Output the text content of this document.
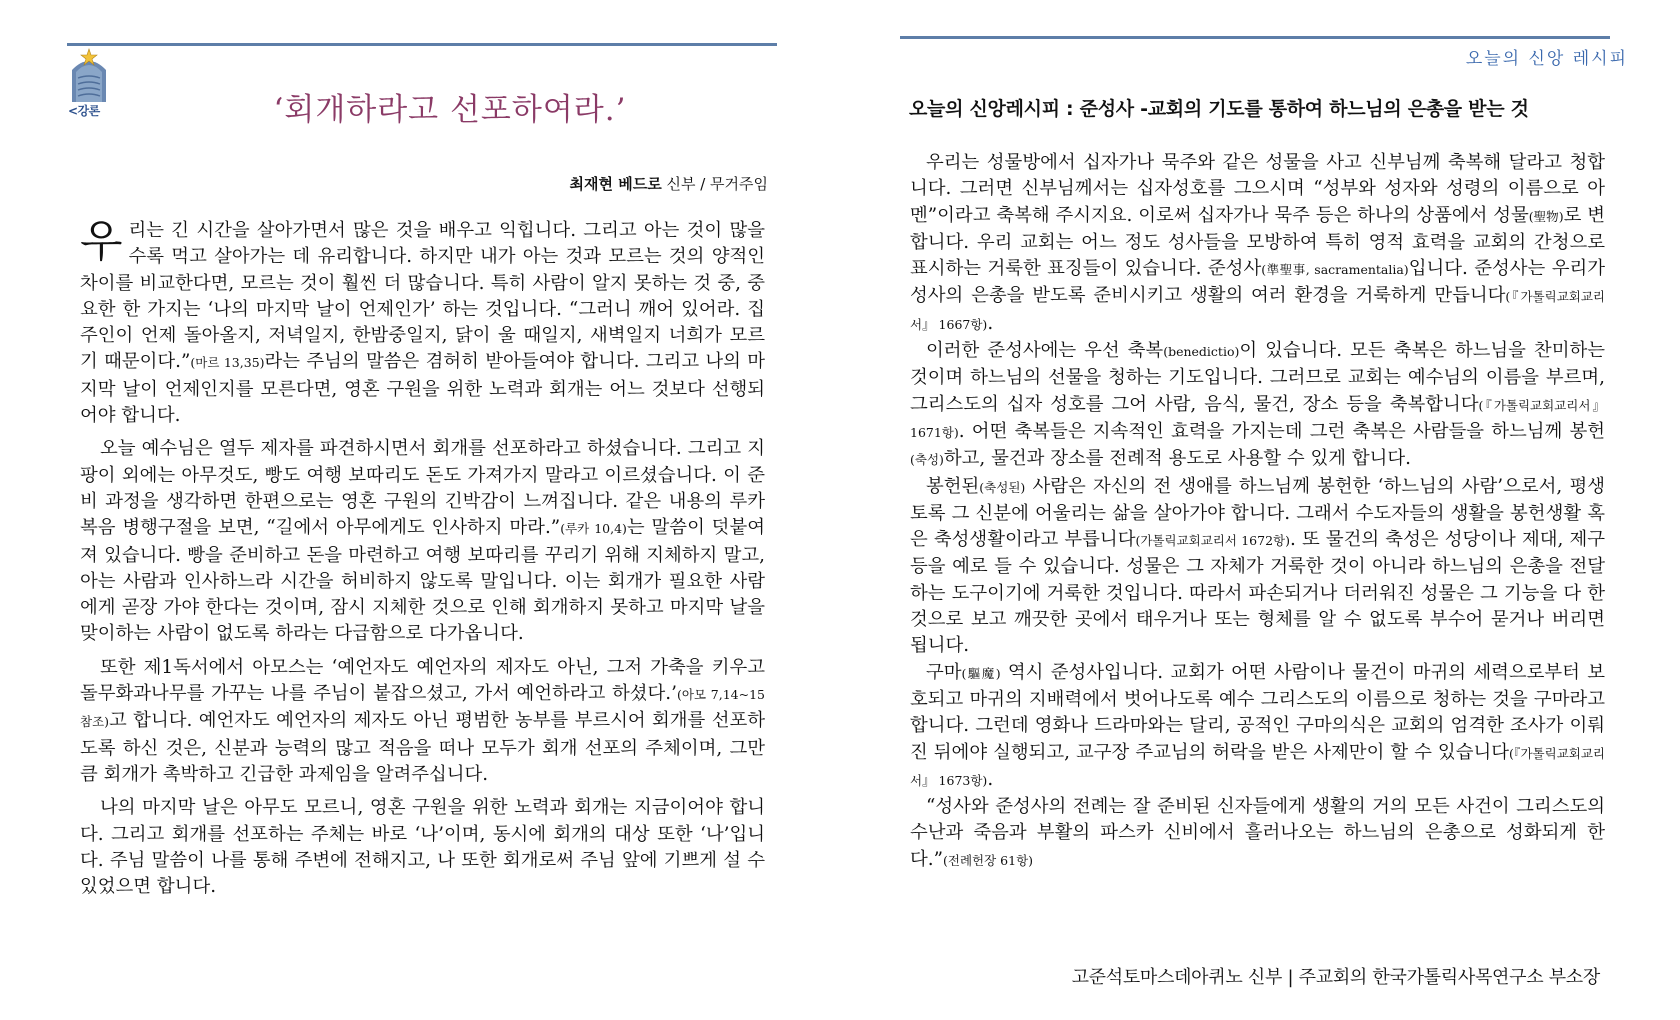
<강론	‘회개하라고 선포하여라.’
최재현 베드로 신부 / 무거주임

우리는 긴 시간을 살아가면서 많은 것을 배우고 익힙니다. 그리고 아는 것이 많을수록 먹고 살아가는 데 유리합니다. 하지만 내가 아는 것과 모르는 것의 양적인 차이를 비교한다면, 모르는 것이 훨씬 더 많습니다. 특히 사람이 알지 못하는 것 중, 중요한 한 가지는 ‘나의 마지막 날이 언제인가’ 하는 것입니다. “그러니 깨어 있어라. 집주인이 언제 돌아올지, 저녁일지, 한밤중일지, 닭이 울 때일지, 새벽일지 너희가 모르기 때문이다.”(마르 13,35)라는 주님의 말씀은 겸허히 받아들여야 합니다. 그리고 나의 마지막 날이 언제인지를 모른다면, 영혼 구원을 위한 노력과 회개는 어느 것보다 선행되어야 합니다.

오늘 예수님은 열두 제자를 파견하시면서 회개를 선포하라고 하셨습니다. 그리고 지팡이 외에는 아무것도, 빵도 여행 보따리도 돈도 가져가지 말라고 이르셨습니다. 이 준비 과정을 생각하면 한편으로는 영혼 구원의 긴박감이 느껴집니다. 같은 내용의 루카 복음 병행구절을 보면, “길에서 아무에게도 인사하지 마라.”(루카 10,4)는 말씀이 덧붙여져 있습니다. 빵을 준비하고 돈을 마련하고 여행 보따리를 꾸리기 위해 지체하지 말고, 아는 사람과 인사하느라 시간을 허비하지 않도록 말입니다. 이는 회개가 필요한 사람에게 곧장 가야 한다는 것이며, 잠시 지체한 것으로 인해 회개하지 못하고 마지막 날을 맞이하는 사람이 없도록 하라는 다급함으로 다가옵니다.

또한 제1독서에서 아모스는 ‘예언자도 예언자의 제자도 아닌, 그저 가축을 키우고 돌무화과나무를 가꾸는 나를 주님이 붙잡으셨고, 가서 예언하라고 하셨다.’(아모 7,14~15 참조)고 합니다. 예언자도 예언자의 제자도 아닌 평범한 농부를 부르시어 회개를 선포하도록 하신 것은, 신분과 능력의 많고 적음을 떠나 모두가 회개 선포의 주체이며, 그만큼 회개가 촉박하고 긴급한 과제임을 알려주십니다.

나의 마지막 날은 아무도 모르니, 영혼 구원을 위한 노력과 회개는 지금이어야 합니다. 그리고 회개를 선포하는 주체는 바로 ‘나’이며, 동시에 회개의 대상 또한 ‘나’입니다. 주님 말씀이 나를 통해 주변에 전해지고, 나 또한 회개로써 주님 앞에 기쁘게 설 수 있었으면 합니다.

오늘의 신앙 레시피
오늘의 신앙레시피 : 준성사 -교회의 기도를 통하여 하느님의 은총을 받는 것

우리는 성물방에서 십자가나 묵주와 같은 성물을 사고 신부님께 축복해 달라고 청합니다. 그러면 신부님께서는 십자성호를 그으시며 “성부와 성자와 성령의 이름으로 아멘”이라고 축복해 주시지요. 이로써 십자가나 묵주 등은 하나의 상품에서 성물(聖物)로 변합니다. 우리 교회는 어느 정도 성사들을 모방하여 특히 영적 효력을 교회의 간청으로 표시하는 거룩한 표징들이 있습니다. 준성사(準聖事, sacramentalia)입니다. 준성사는 우리가 성사의 은총을 받도록 준비시키고 생활의 여러 환경을 거룩하게 만듭니다(『가톨릭교회교리서』 1667항).

이러한 준성사에는 우선 축복(benedictio)이 있습니다. 모든 축복은 하느님을 찬미하는 것이며 하느님의 선물을 청하는 기도입니다. 그러므로 교회는 예수님의 이름을 부르며, 그리스도의 십자 성호를 그어 사람, 음식, 물건, 장소 등을 축복합니다(『가톨릭교회교리서』 1671항). 어떤 축복들은 지속적인 효력을 가지는데 그런 축복은 사람들을 하느님께 봉헌(축성)하고, 물건과 장소를 전례적 용도로 사용할 수 있게 합니다.

봉헌된(축성된) 사람은 자신의 전 생애를 하느님께 봉헌한 ‘하느님의 사람’으로서, 평생토록 그 신분에 어울리는 삶을 살아가야 합니다. 그래서 수도자들의 생활을 봉헌생활 혹은 축성생활이라고 부릅니다(가톨릭교회교리서 1672항). 또 물건의 축성은 성당이나 제대, 제구 등을 예로 들 수 있습니다. 성물은 그 자체가 거룩한 것이 아니라 하느님의 은총을 전달하는 도구이기에 거룩한 것입니다. 따라서 파손되거나 더러워진 성물은 그 기능을 다 한 것으로 보고 깨끗한 곳에서 태우거나 또는 형체를 알 수 없도록 부수어 묻거나 버리면 됩니다.

구마(驅魔) 역시 준성사입니다. 교회가 어떤 사람이나 물건이 마귀의 세력으로부터 보호되고 마귀의 지배력에서 벗어나도록 예수 그리스도의 이름으로 청하는 것을 구마라고 합니다. 그런데 영화나 드라마와는 달리, 공적인 구마의식은 교회의 엄격한 조사가 이뤄진 뒤에야 실행되고, 교구장 주교님의 허락을 받은 사제만이 할 수 있습니다(『가톨릭교회교리서』 1673항).

“성사와 준성사의 전례는 잘 준비된 신자들에게 생활의 거의 모든 사건이 그리스도의 수난과 죽음과 부활의 파스카 신비에서 흘러나오는 하느님의 은총으로 성화되게 한다.”(전례헌장 61항)

고준석토마스데아퀴노 신부 | 주교회의 한국가톨릭사목연구소 부소장
